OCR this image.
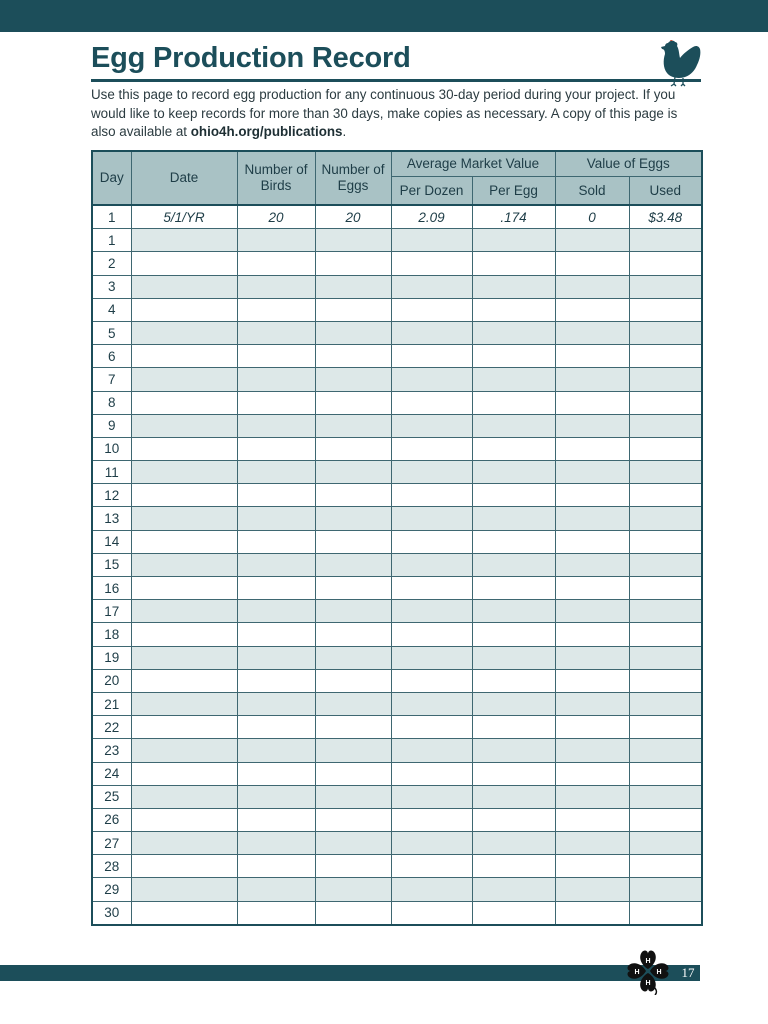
Egg Production Record

Use this page to record egg production for any continuous 30-day period during your project. If you would like to keep records for more than 30 days, make copies as necessary. A copy of this page is also available at ohio4h.org/publications.

Day	Date	Number of Birds	Number of Eggs	Average Market Value		Value of Eggs	
				Per Dozen	Per Egg	Sold	Used
1	5/1/YR	20	20	2.09	.174	0	$3.48
1							
2							
3							
4							
5							
6							
7							
8							
9							
10							
11							
12							
13							
14							
15							
16							
17							
18							
19							
20							
21							
22							
23							
24							
25							
26							
27							
28							
29							
30							
H
H
H H	17
